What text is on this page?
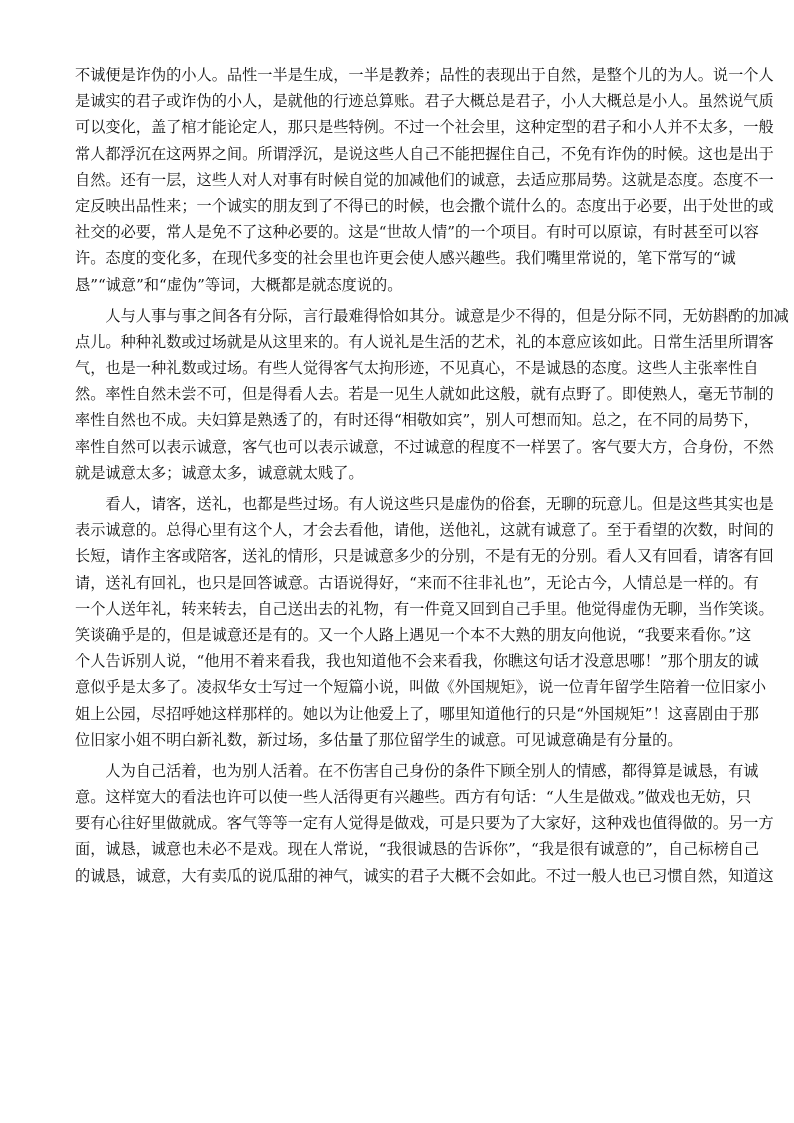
不诚便是诈伪的小人。品性一半是生成，一半是教养；品性的表现出于自然，是整个儿的为人。说一个人
是诚实的君子或诈伪的小人，是就他的行迹总算账。君子大概总是君子，小人大概总是小人。虽然说气质
可以变化，盖了棺才能论定人，那只是些特例。不过一个社会里，这种定型的君子和小人并不太多，一般
常人都浮沉在这两界之间。所谓浮沉，是说这些人自己不能把握住自己，不免有诈伪的时候。这也是出于
自然。还有一层，这些人对人对事有时候自觉的加减他们的诚意，去适应那局势。这就是态度。态度不一
定反映出品性来；一个诚实的朋友到了不得已的时候，也会撒个谎什么的。态度出于必要，出于处世的或
社交的必要，常人是免不了这种必要的。这是“世故人情”的一个项目。有时可以原谅，有时甚至可以容
许。态度的变化多，在现代多变的社会里也许更会使人感兴趣些。我们嘴里常说的，笔下常写的“诚
恳”“诚意”和“虚伪”等词，大概都是就态度说的。
人与人事与事之间各有分际，言行最难得恰如其分。诚意是少不得的，但是分际不同，无妨斟酌的加减
点儿。种种礼数或过场就是从这里来的。有人说礼是生活的艺术，礼的本意应该如此。日常生活里所谓客
气，也是一种礼数或过场。有些人觉得客气太拘形迹，不见真心，不是诚恳的态度。这些人主张率性自
然。率性自然未尝不可，但是得看人去。若是一见生人就如此这般，就有点野了。即使熟人，毫无节制的
率性自然也不成。夫妇算是熟透了的，有时还得“相敬如宾”，别人可想而知。总之，在不同的局势下，
率性自然可以表示诚意，客气也可以表示诚意，不过诚意的程度不一样罢了。客气要大方，合身份，不然
就是诚意太多；诚意太多，诚意就太贱了。
看人，请客，送礼，也都是些过场。有人说这些只是虚伪的俗套，无聊的玩意儿。但是这些其实也是
表示诚意的。总得心里有这个人，才会去看他，请他，送他礼，这就有诚意了。至于看望的次数，时间的
长短，请作主客或陪客，送礼的情形，只是诚意多少的分别，不是有无的分别。看人又有回看，请客有回
请，送礼有回礼，也只是回答诚意。古语说得好，“来而不往非礼也”，无论古今，人情总是一样的。有
一个人送年礼，转来转去，自己送出去的礼物，有一件竟又回到自己手里。他觉得虚伪无聊，当作笑谈。
笑谈确乎是的，但是诚意还是有的。又一个人路上遇见一个本不大熟的朋友向他说，“我要来看你。”这
个人告诉别人说，“他用不着来看我，我也知道他不会来看我，你瞧这句话才没意思哪！”那个朋友的诚
意似乎是太多了。凌叔华女士写过一个短篇小说，叫做《外国规矩》，说一位青年留学生陪着一位旧家小
姐上公园，尽招呼她这样那样的。她以为让他爱上了，哪里知道他行的只是“外国规矩”！这喜剧由于那
位旧家小姐不明白新礼数，新过场，多估量了那位留学生的诚意。可见诚意确是有分量的。
人为自己活着，也为别人活着。在不伤害自己身份的条件下顾全别人的情感，都得算是诚恳，有诚
意。这样宽大的看法也许可以使一些人活得更有兴趣些。西方有句话：“人生是做戏。”做戏也无妨，只
要有心往好里做就成。客气等等一定有人觉得是做戏，可是只要为了大家好，这种戏也值得做的。另一方
面，诚恳，诚意也未必不是戏。现在人常说，“我很诚恳的告诉你”，“我是很有诚意的”，自己标榜自己
的诚恳，诚意，大有卖瓜的说瓜甜的神气，诚实的君子大概不会如此。不过一般人也已习惯自然，知道这
